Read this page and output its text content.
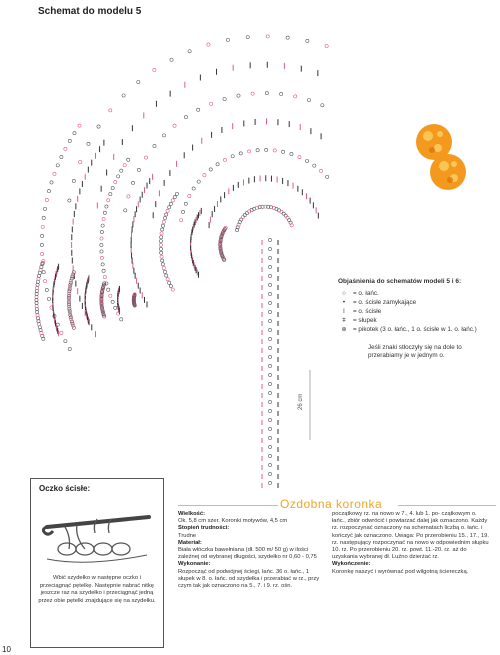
Schemat do modelu 5
26 cm
Objaśnienia do schematów modeli 5 i 6:
○	= o. łańc.
•	= o. ścisłe zamykające
ǀ	= o. ścisłe
ǂ	= słupek
⊛	= pikotek (3 o. łańc., 1 o. ścisłe w 1. o. łańc.)
Jeśli znaki stłoczyły się na dole to przerabiamy je w jednym o.
Oczko ścisłe:
Wbić szydełko w następne oczko i przeciągnąć pętelkę. Następnie nabrać nitkę jeszcze raz na szydełko i przeciągnąć jedną przez obie pętelki znajdujące się na szydełku.
Ozdobna koronka
Wielkość:
Ok. 5,8 cm szer. Koronki motywów, 4,5 cm
Stopień trudności:
Trudne
Materiał:
Biała włóczka bawełniana (dł. 500 m/ 50 g) w ilości zależnej od wybranej długości, szydełko nr 0,60 - 0,75
Wykonanie:
Rozpocząć od podwójnej ściegi, łańc. 36 o. łańc., 1 słupek w 8. o. łańc. od szydełka i przerabiać w rz., przy czym tak jak oznaczono na 5., 7. i 9. rz. ośn.
początkowy rz. na nowo w 7., 4. lub 1. po- czątkowym o. łańc., zbiór odwrócić i powtarzać dalej jak oznaczono. Każdy rz. rozpoczynać oznaczony na schematach liczbą o. łańc. i kończyć jak oznaczono. Uwaga: Po przerobieniu 15., 17., 19. rz. następujący rozpoczynać na nowo w odpowiednim słupku 10. rz. Po przerobieniu 20. rz. powt. 11.-20. rz. aż do uzyskania wybranej dł. Luźno dzierżać rz.
Wykończenie:
Koronkę naszyć i wyrównać pod wilgotną ściereczką.
10
